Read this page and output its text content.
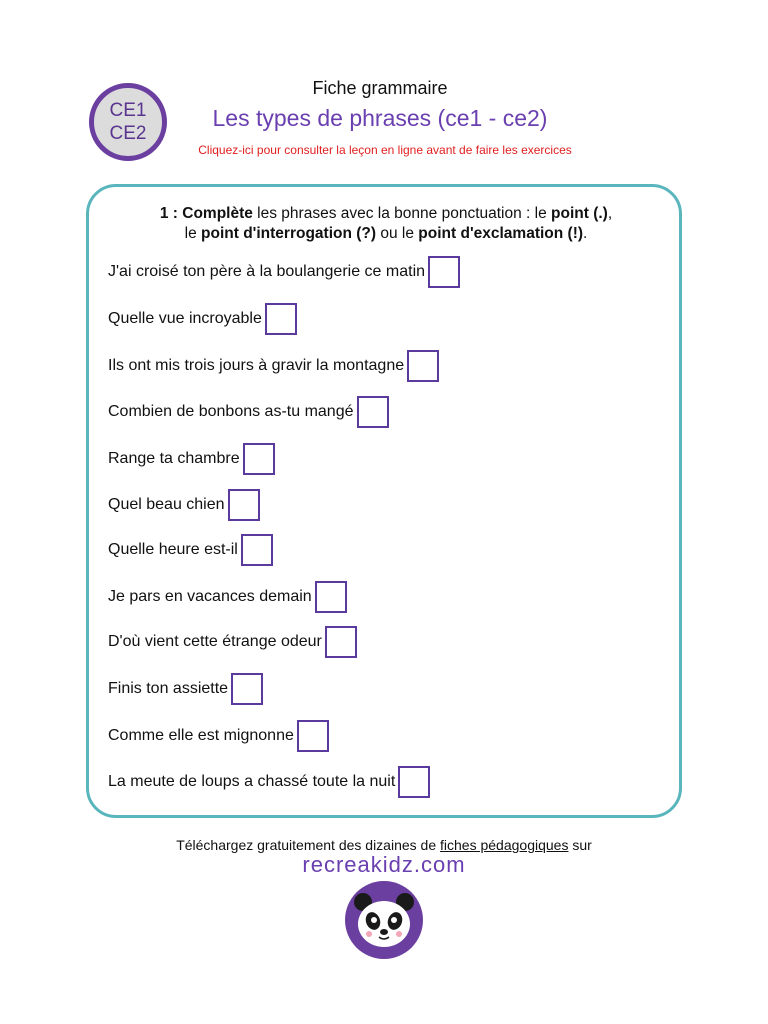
CE1
CE2
Fiche grammaire
Les types de phrases (ce1 - ce2)
Cliquez-ici pour consulter la leçon en ligne avant de faire les exercices
1 : Complète les phrases avec la bonne ponctuation : le point (.),
le point d'interrogation (?) ou le point d'exclamation (!).
J'ai croisé ton père à la boulangerie ce matin
Quelle vue incroyable
Ils ont mis trois jours à gravir la montagne
Combien de bonbons as-tu mangé
Range ta chambre
Quel beau chien
Quelle heure est-il
Je pars en vacances demain
D'où vient cette étrange odeur
Finis ton assiette
Comme elle est mignonne
La meute de loups a chassé toute la nuit
Téléchargez gratuitement des dizaines de fiches pédagogiques sur
recreakidz.com
